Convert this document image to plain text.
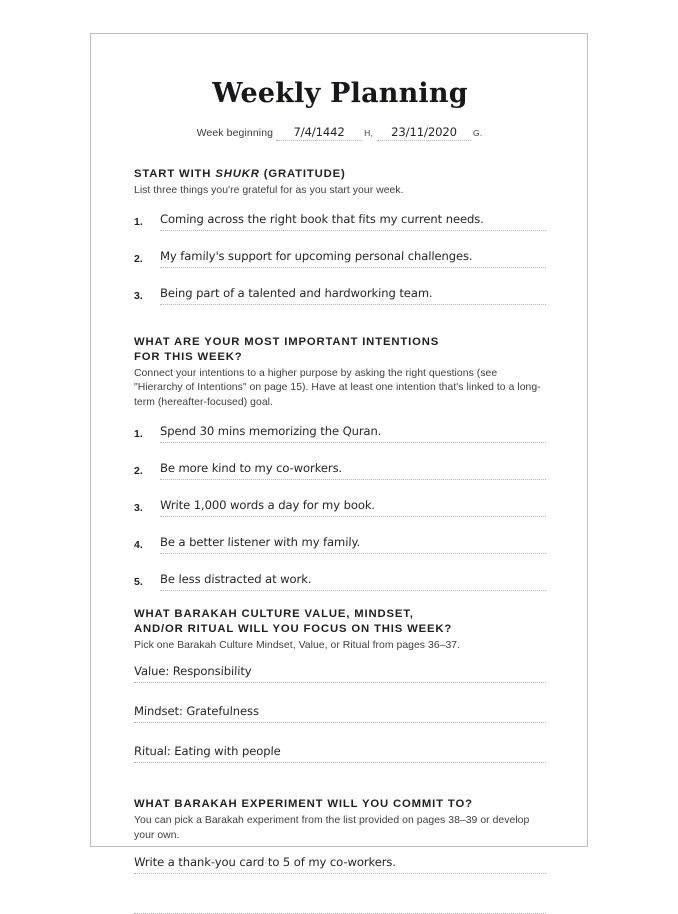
Weekly Planning
Week beginning	7/4/1442	H,	23/11/2020	G.
START WITH SHUKR (GRATITUDE)
List three things you're grateful for as you start your week.
1.	Coming across the right book that fits my current needs.
2.	My family's support for upcoming personal challenges.
3.	Being part of a talented and hardworking team.
WHAT ARE YOUR MOST IMPORTANT INTENTIONS
FOR THIS WEEK?
Connect your intentions to a higher purpose by asking the right questions (see "Hierarchy of Intentions" on page 15). Have at least one intention that's linked to a long-term (hereafter-focused) goal.
1.	Spend 30 mins memorizing the Quran.
2.	Be more kind to my co-workers.
3.	Write 1,000 words a day for my book.
4.	Be a better listener with my family.
5.	Be less distracted at work.
WHAT BARAKAH CULTURE VALUE, MINDSET,
AND/OR RITUAL WILL YOU FOCUS ON THIS WEEK?
Pick one Barakah Culture Mindset, Value, or Ritual from pages 36–37.
Value: Responsibility
Mindset: Gratefulness
Ritual: Eating with people
WHAT BARAKAH EXPERIMENT WILL YOU COMMIT TO?
You can pick a Barakah experiment from the list provided on pages 38–39 or develop your own.
Write a thank-you card to 5 of my co-workers.
